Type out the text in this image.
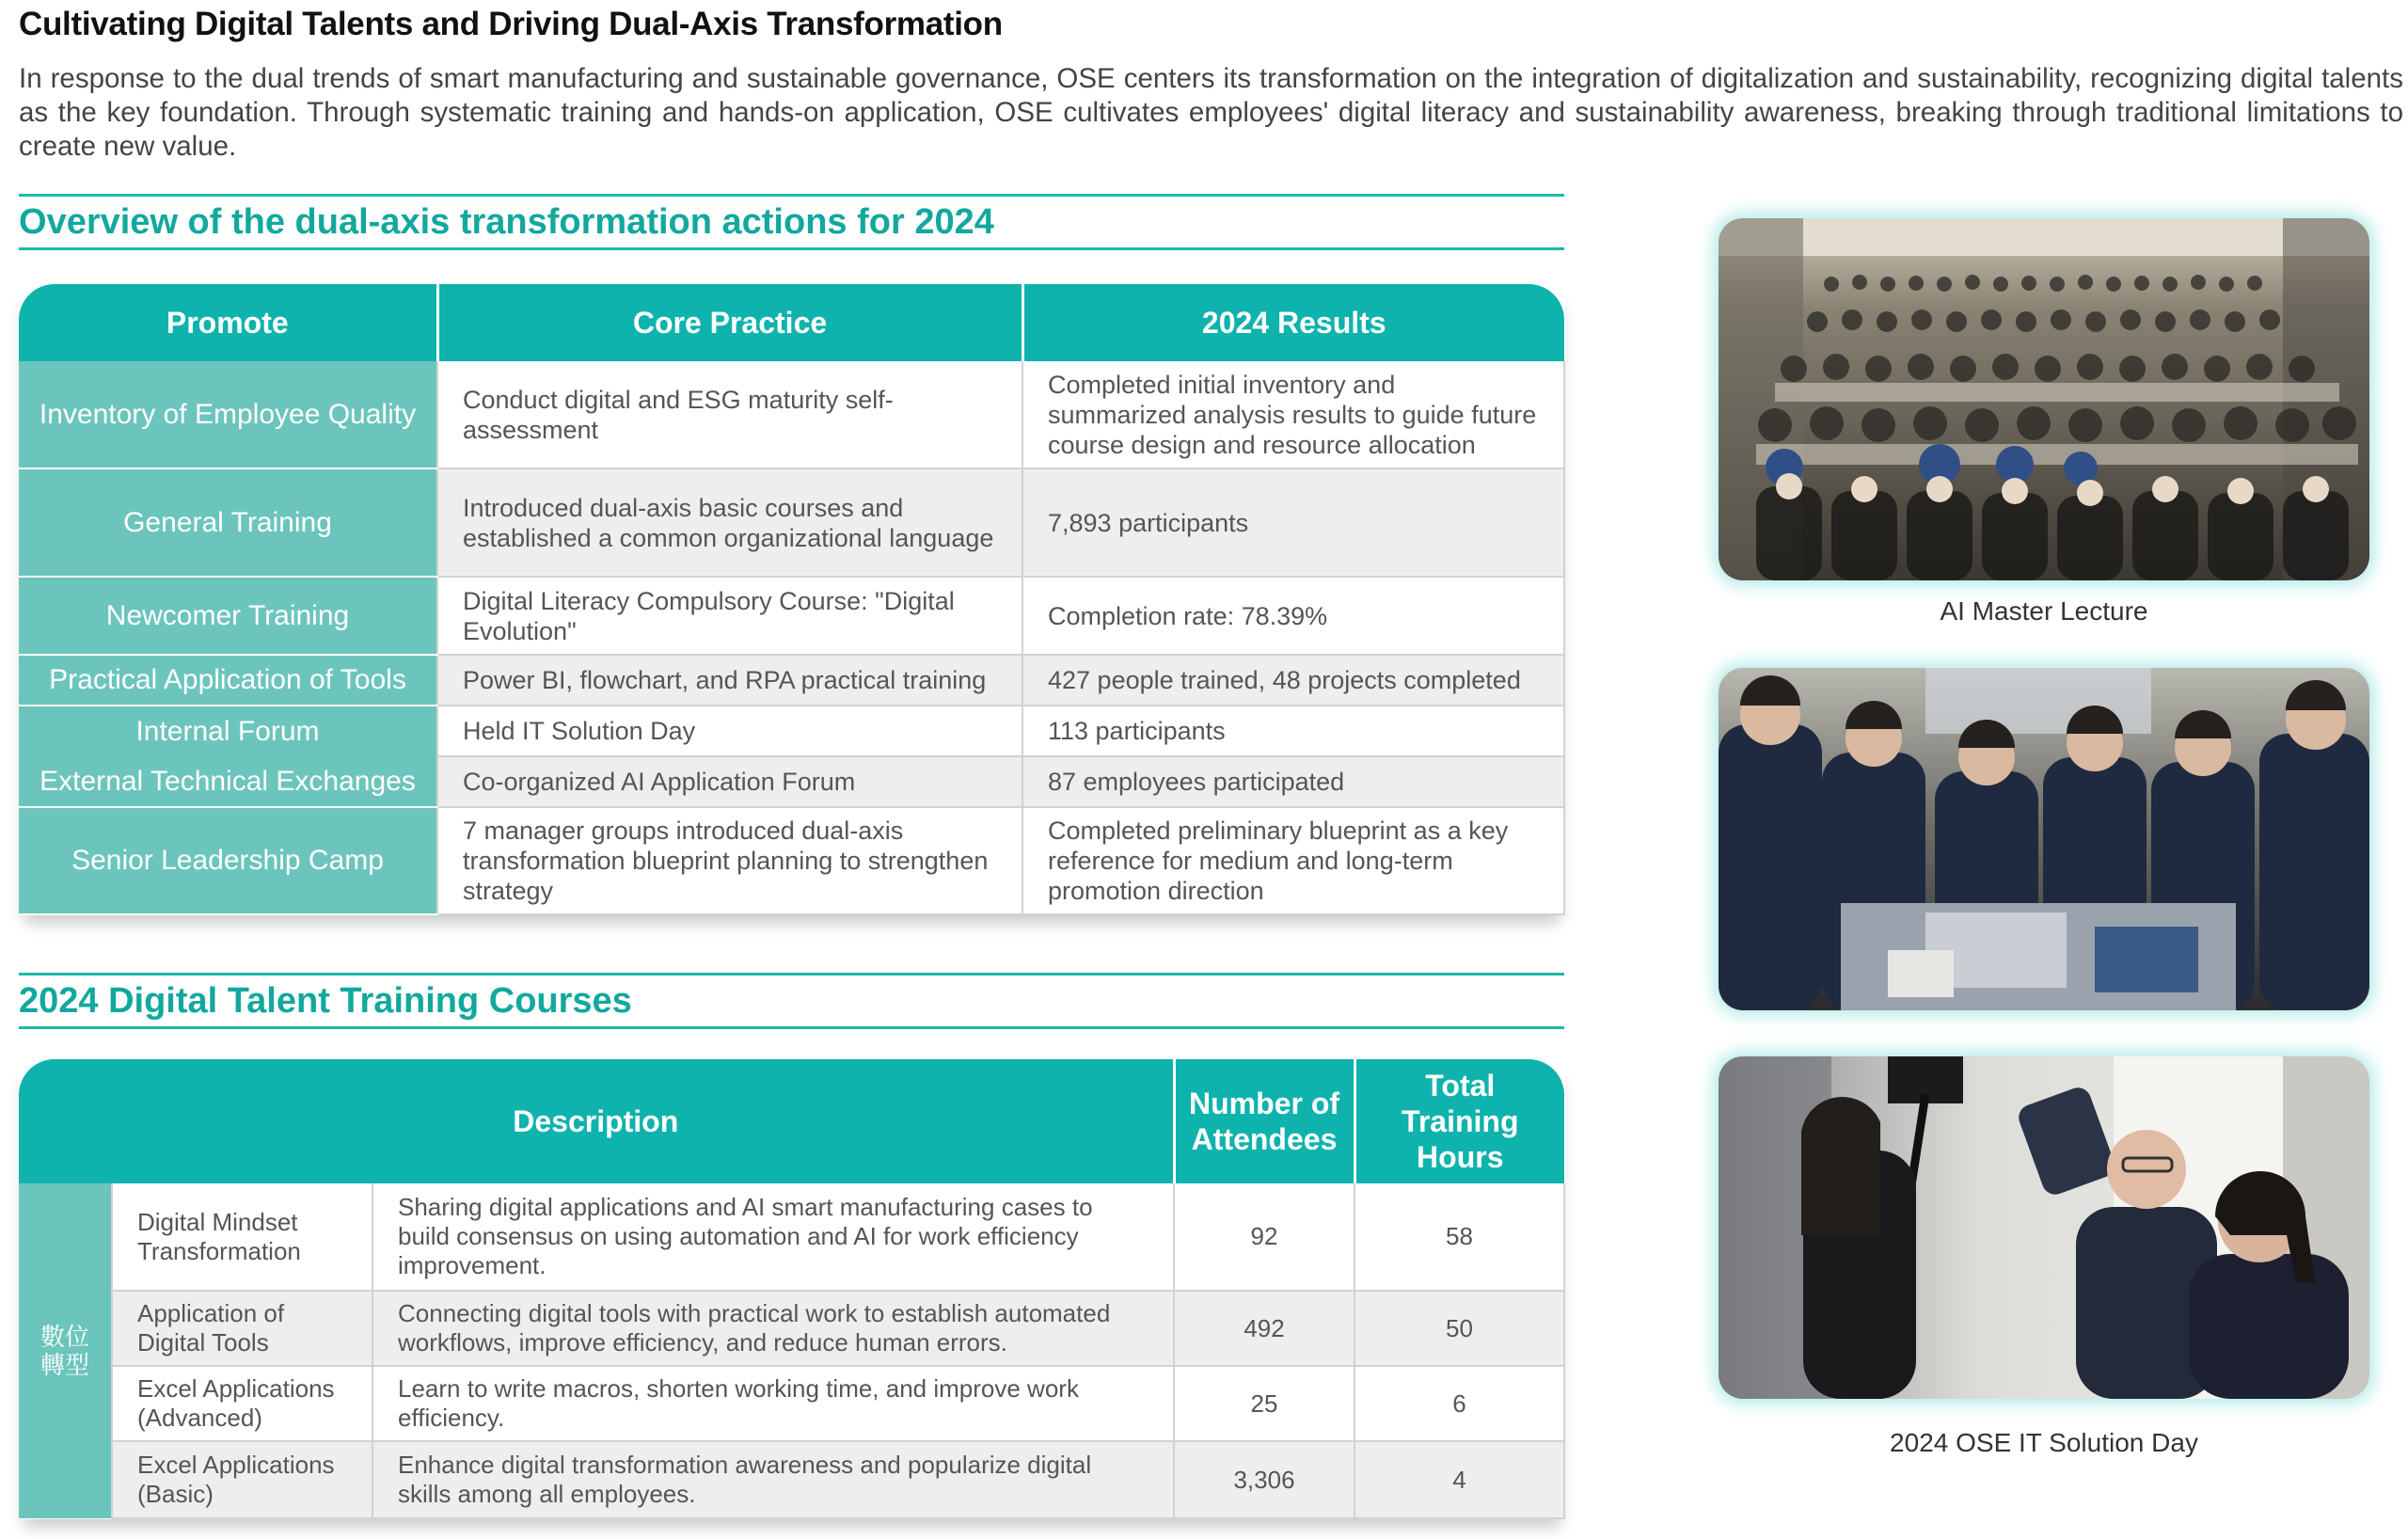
Cultivating Digital Talents and Driving Dual-Axis Transformation

In response to the dual trends of smart manufacturing and sustainable governance, OSE centers its transformation on the integration of digitalization and sustainability, recognizing digital talents as the key foundation. Through systematic training and hands-on application, OSE cultivates employees' digital literacy and sustainability awareness, breaking through traditional limitations to create new value.

Overview of the dual-axis transformation actions for 2024
Promote	Core Practice	2024 Results
Inventory of Employee Quality	Conduct digital and ESG maturity self-assessment	Completed initial inventory and summarized analysis results to guide future course design and resource allocation
General Training	Introduced dual-axis basic courses and established a common organizational language	7,893 participants
Newcomer Training	Digital Literacy Compulsory Course: "Digital Evolution"	Completion rate: 78.39%
Practical Application of Tools	Power BI, flowchart, and RPA practical training	427 people trained, 48 projects completed
Internal Forum	Held IT Solution Day	113 participants
External Technical Exchanges	Co-organized AI Application Forum	87 employees participated
Senior Leadership Camp	7 manager groups introduced dual-axis transformation blueprint planning to strengthen strategy	Completed preliminary blueprint as a key reference for medium and long-term promotion direction
2024 Digital Talent Training Courses
Description			Number of Attendees	Total Training Hours

數位轉型	Digital Mindset Transformation	Sharing digital applications and AI smart manufacturing cases to build consensus on using automation and AI for work efficiency improvement.	92	58
	Application of Digital Tools	Connecting digital tools with practical work to establish automated workflows, improve efficiency, and reduce human errors.	492	50
	Excel Applications (Advanced)	Learn to write macros, shorten working time, and improve work efficiency.	25	6
	Excel Applications (Basic)	Enhance digital transformation awareness and popularize digital skills among all employees.	3,306	4
AI Master Lecture
2024 OSE IT Solution Day
